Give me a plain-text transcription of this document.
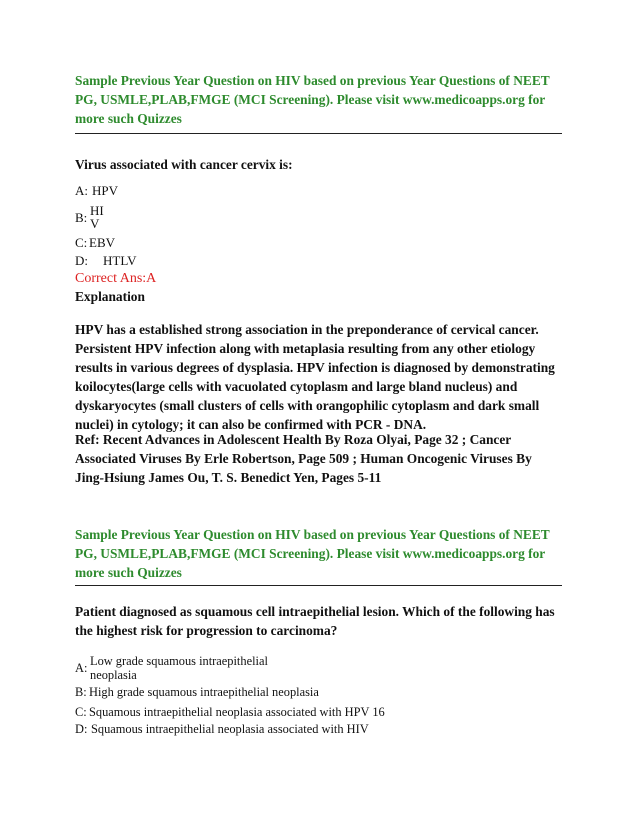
Sample Previous Year Question on HIV based on previous Year Questions of NEET PG, USMLE,PLAB,FMGE (MCI Screening). Please visit www.medicoapps.org for more such Quizzes
Virus associated with cancer cervix is:
A: HPV
B: HI
V
C: EBV
D: HTLV
Correct Ans:A
Explanation
HPV has a established strong association in the preponderance of cervical cancer. Persistent HPV infection along with metaplasia resulting from any other etiology results in various degrees of dysplasia. HPV infection is diagnosed by demonstrating koilocytes(large cells with vacuolated cytoplasm and large bland nucleus) and dyskaryocytes (small clusters of cells with orangophilic cytoplasm and dark small nuclei) in cytology; it can also be confirmed with PCR - DNA.
Ref: Recent Advances in Adolescent Health By Roza Olyai, Page 32 ; Cancer Associated Viruses By Erle Robertson, Page 509 ; Human Oncogenic Viruses By Jing-Hsiung James Ou, T. S. Benedict Yen, Pages 5-11
Sample Previous Year Question on HIV based on previous Year Questions of NEET PG, USMLE,PLAB,FMGE (MCI Screening). Please visit www.medicoapps.org for more such Quizzes
Patient diagnosed as squamous cell intraepithelial lesion. Which of the following has the highest risk for progression to carcinoma?
A: Low grade squamous intraepithelial
neoplasia
B: High grade squamous intraepithelial neoplasia
C: Squamous intraepithelial neoplasia associated with HPV 16
D: Squamous intraepithelial neoplasia associated with HIV
